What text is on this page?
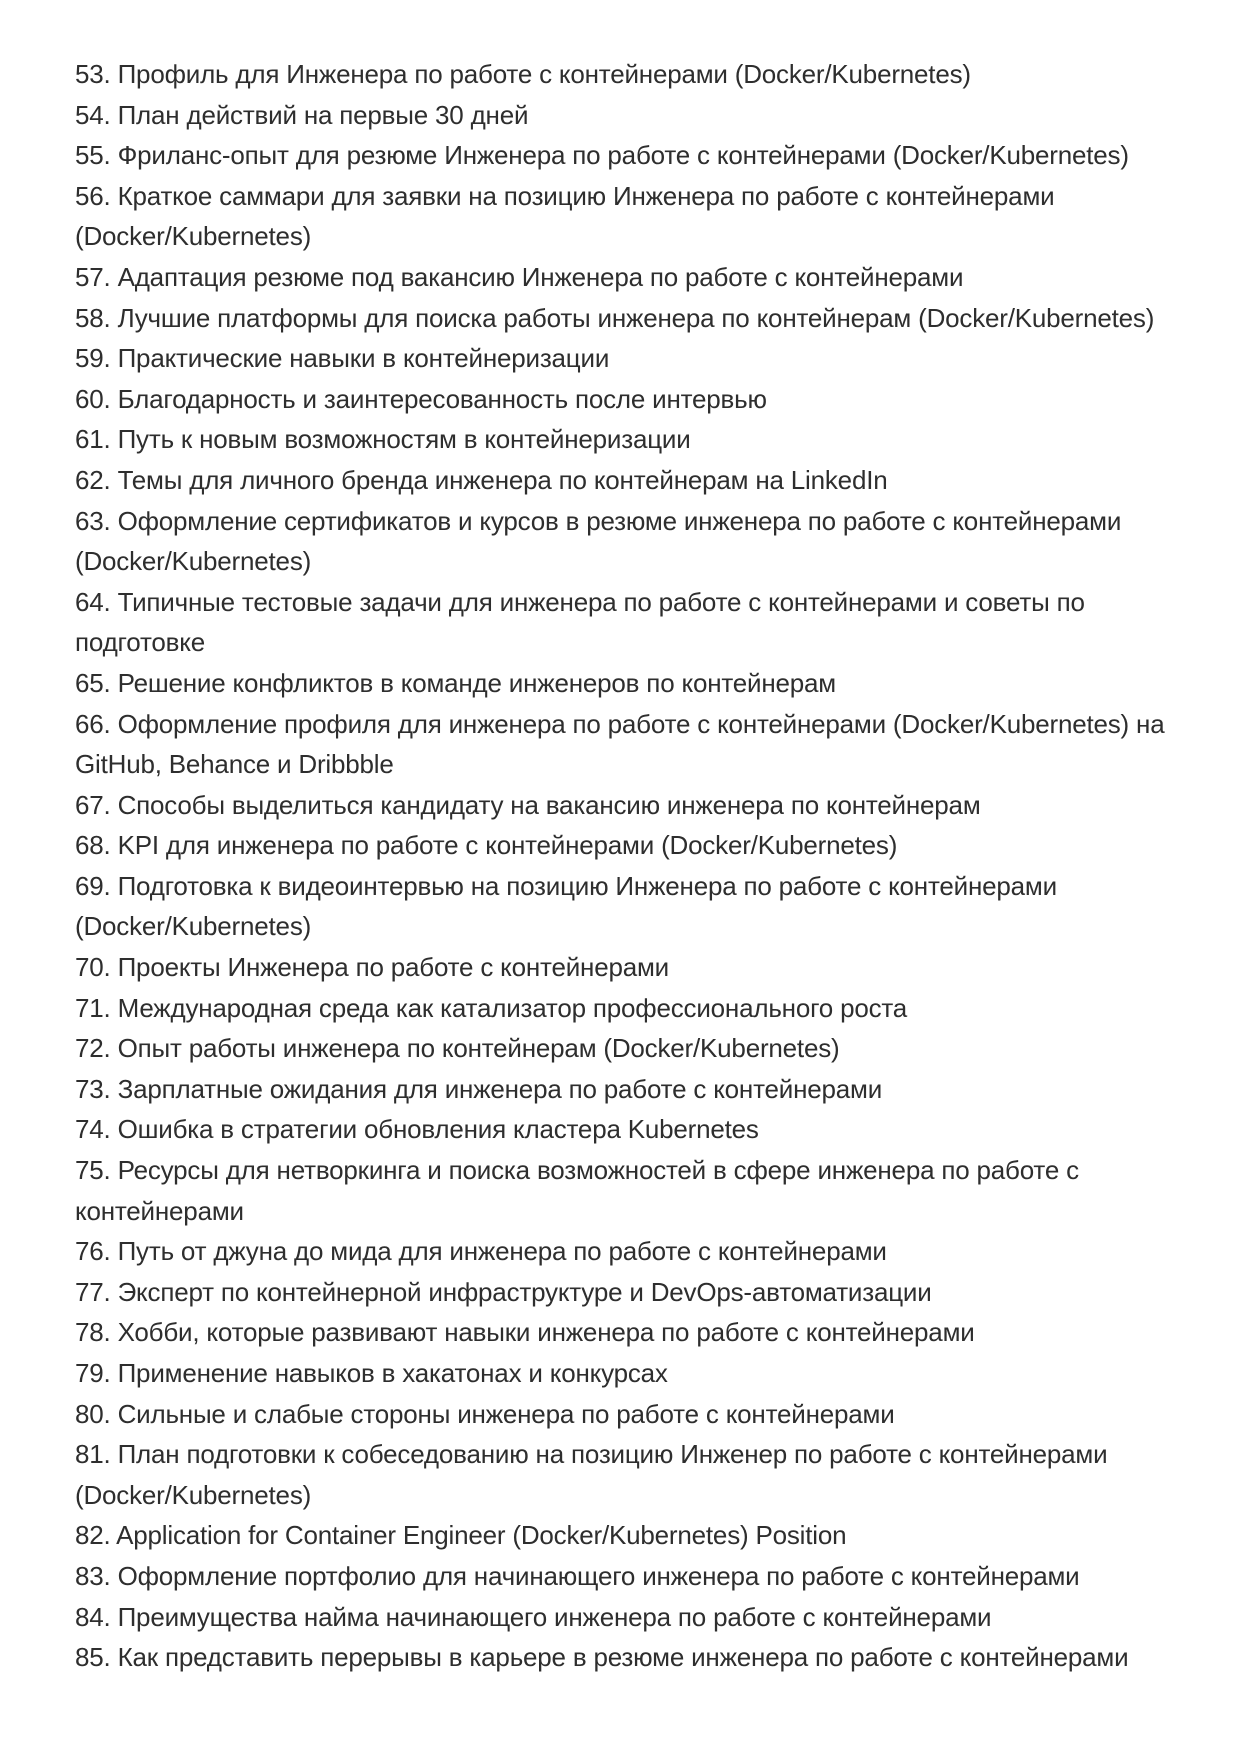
53. Профиль для Инженера по работе с контейнерами (Docker/Kubernetes)
54. План действий на первые 30 дней
55. Фриланс-опыт для резюме Инженера по работе с контейнерами (Docker/Kubernetes)
56. Краткое саммари для заявки на позицию Инженера по работе с контейнерами
(Docker/Kubernetes)
57. Адаптация резюме под вакансию Инженера по работе с контейнерами
58. Лучшие платформы для поиска работы инженера по контейнерам (Docker/Kubernetes)
59. Практические навыки в контейнеризации
60. Благодарность и заинтересованность после интервью
61. Путь к новым возможностям в контейнеризации
62. Темы для личного бренда инженера по контейнерам на LinkedIn
63. Оформление сертификатов и курсов в резюме инженера по работе с контейнерами
(Docker/Kubernetes)
64. Типичные тестовые задачи для инженера по работе с контейнерами и советы по
подготовке
65. Решение конфликтов в команде инженеров по контейнерам
66. Оформление профиля для инженера по работе с контейнерами (Docker/Kubernetes) на
GitHub, Behance и Dribbble
67. Способы выделиться кандидату на вакансию инженера по контейнерам
68. KPI для инженера по работе с контейнерами (Docker/Kubernetes)
69. Подготовка к видеоинтервью на позицию Инженера по работе с контейнерами
(Docker/Kubernetes)
70. Проекты Инженера по работе с контейнерами
71. Международная среда как катализатор профессионального роста
72. Опыт работы инженера по контейнерам (Docker/Kubernetes)
73. Зарплатные ожидания для инженера по работе с контейнерами
74. Ошибка в стратегии обновления кластера Kubernetes
75. Ресурсы для нетворкинга и поиска возможностей в сфере инженера по работе с
контейнерами
76. Путь от джуна до мида для инженера по работе с контейнерами
77. Эксперт по контейнерной инфраструктуре и DevOps-автоматизации
78. Хобби, которые развивают навыки инженера по работе с контейнерами
79. Применение навыков в хакатонах и конкурсах
80. Сильные и слабые стороны инженера по работе с контейнерами
81. План подготовки к собеседованию на позицию Инженер по работе с контейнерами
(Docker/Kubernetes)
82. Application for Container Engineer (Docker/Kubernetes) Position
83. Оформление портфолио для начинающего инженера по работе с контейнерами
84. Преимущества найма начинающего инженера по работе с контейнерами
85. Как представить перерывы в карьере в резюме инженера по работе с контейнерами
